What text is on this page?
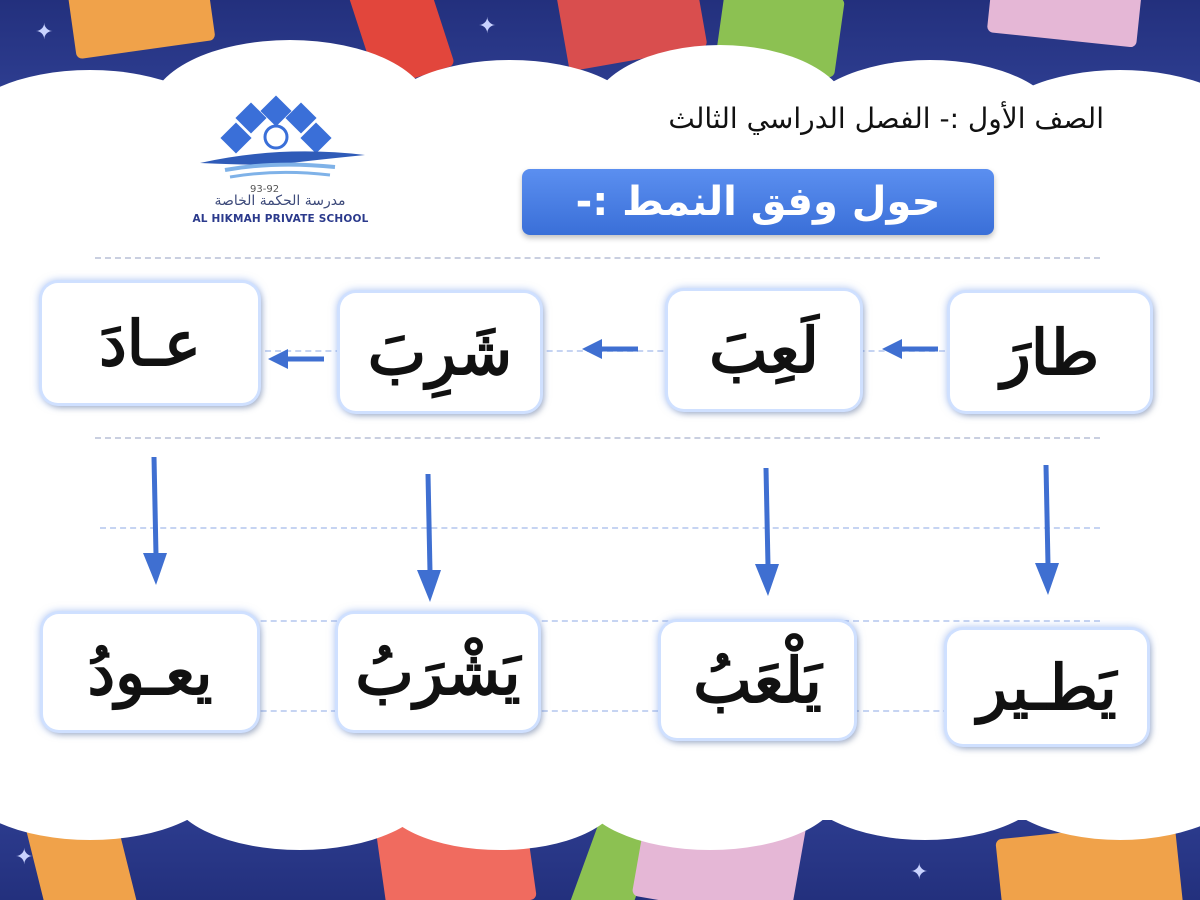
✦	✦
✦
✦
93-92
مدرسة الحكمة الخاصة
AL HIKMAH PRIVATE SCHOOL
الصف الأول :- الفصل الدراسي الثالث
حول وفق النمط :-
طارَ
لَعِبَ
شَرِبَ
عـادَ
يَطـير
يَلْعَبُ
يَشْرَبُ
يعـودُ
